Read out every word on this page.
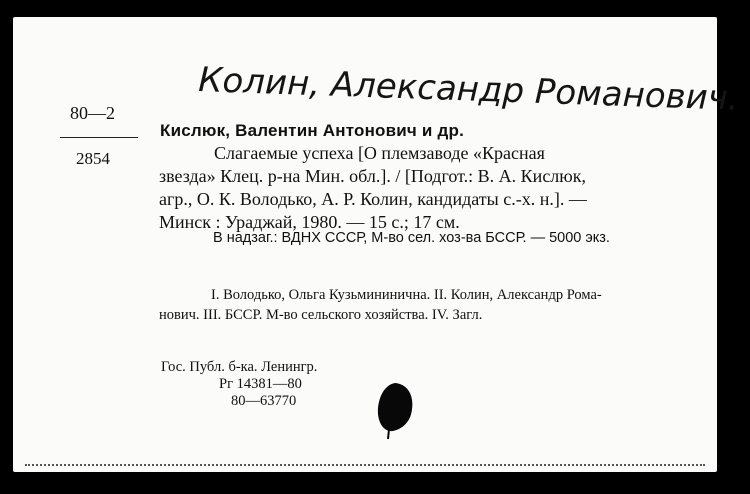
Колин, Александр Романович.
80—2
2854
Кислюк, Валентин Антонович и др.
Слагаемые успеха [О племзаводе «Красная
звезда» Клец. р-на Мин. обл.]. / [Подгот.: В. А. Кислюк,
агр., О. К. Володько, А. Р. Колин, кандидаты с.-х. н.]. —
Минск : Ураджай, 1980. — 15 с.; 17 см.
В надзаг.: ВДНХ СССР, М-во сел. хоз-ва БССР. — 5000 экз.
I. Володько, Ольга Кузьмининична. II. Колин, Александр Рома-
нович. III. БССР. М-во сельского хозяйства. IV. Загл.
Гос. Публ. б-ка. Ленингр.
Рг 14381—80
80—63770
